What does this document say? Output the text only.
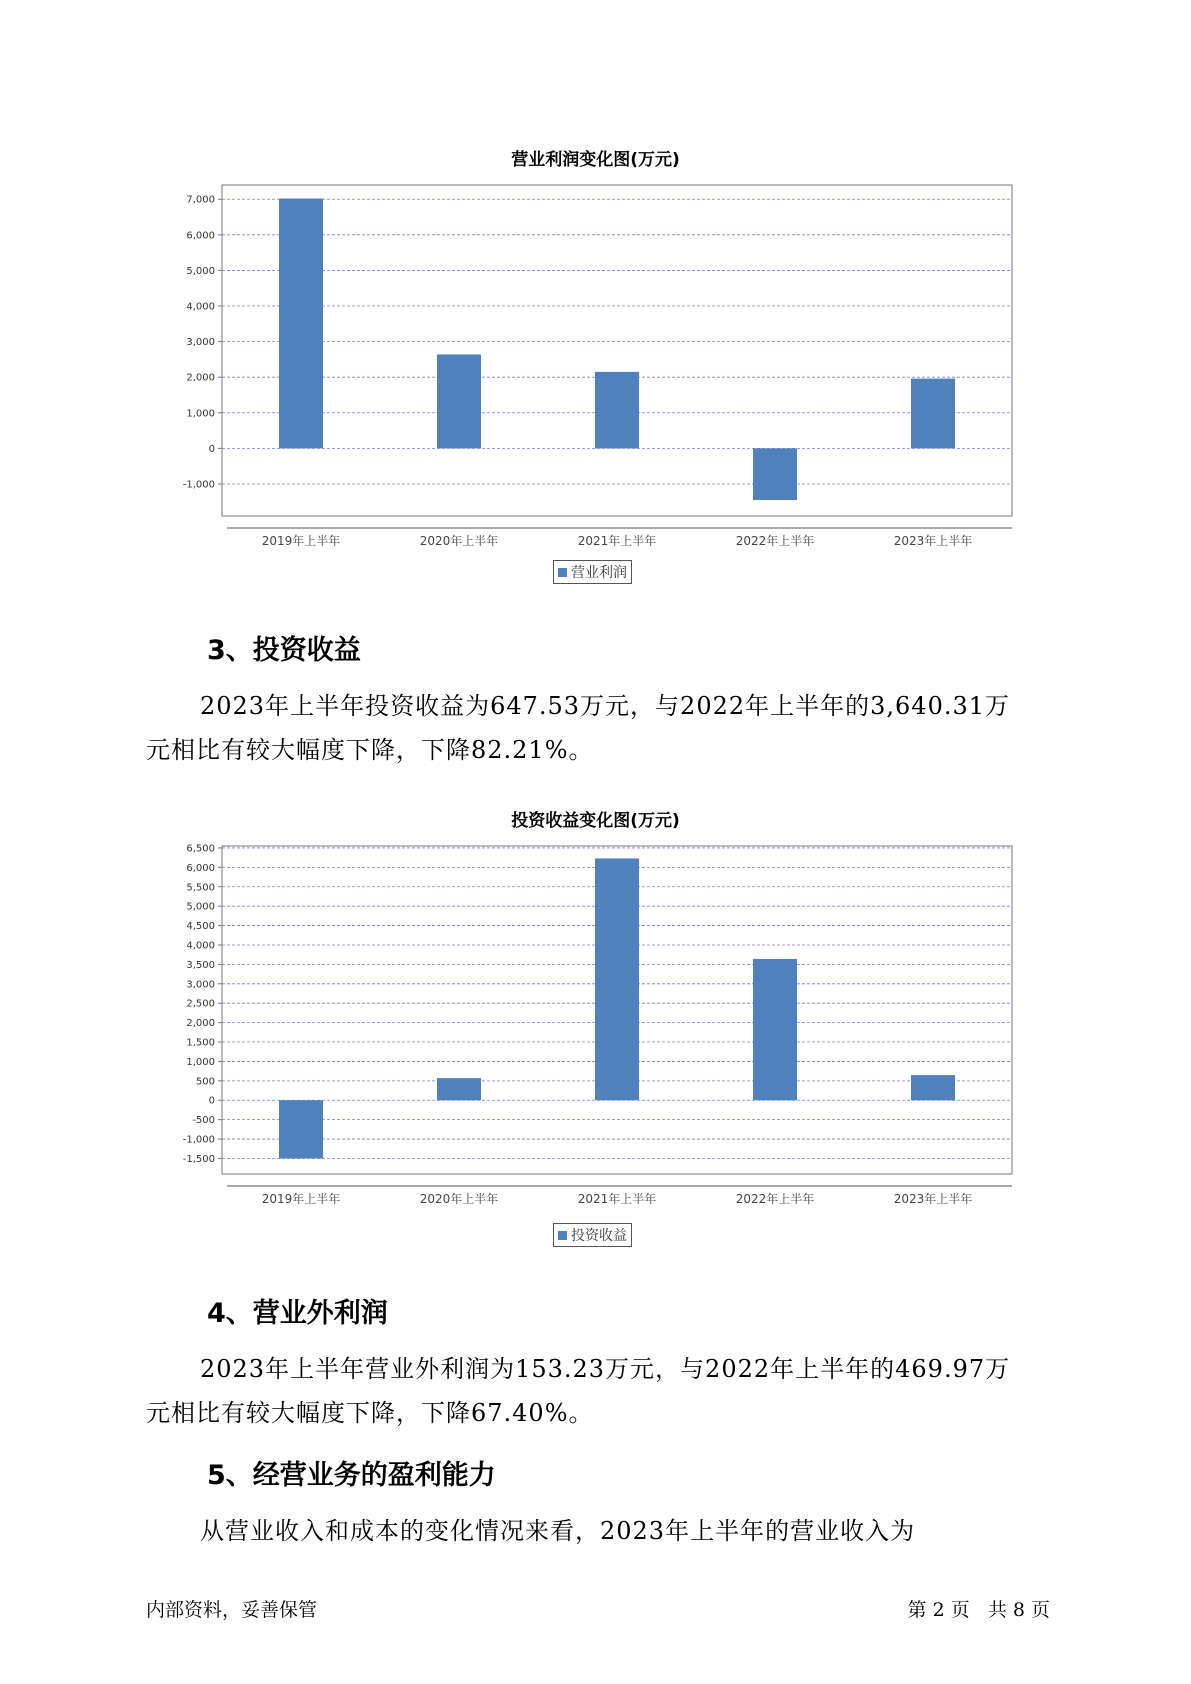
营业利润变化图(万元)
-1,000
0
1,000
2,000
3,000
4,000
5,000
6,000
7,000
2019年上半年	2020年上半年	2021年上半年	2022年上半年	2023年上半年
营业利润
3、投资收益
2023年上半年投资收益为647.53万元，与2022年上半年的3,640.31万
元相比有较大幅度下降，下降82.21%。
投资收益变化图(万元)
-1,500
-1,000
-500
0
500
1,000
1,500
2,000
2,500
3,000
3,500
4,000
4,500
5,000
5,500
6,000
6,500
2019年上半年	2020年上半年	2021年上半年	2022年上半年	2023年上半年
投资收益
4、营业外利润
2023年上半年营业外利润为153.23万元，与2022年上半年的469.97万
元相比有较大幅度下降，下降67.40%。
5、经营业务的盈利能力
从营业收入和成本的变化情况来看，2023年上半年的营业收入为
内部资料，妥善保管	第 2 页   共 8 页
